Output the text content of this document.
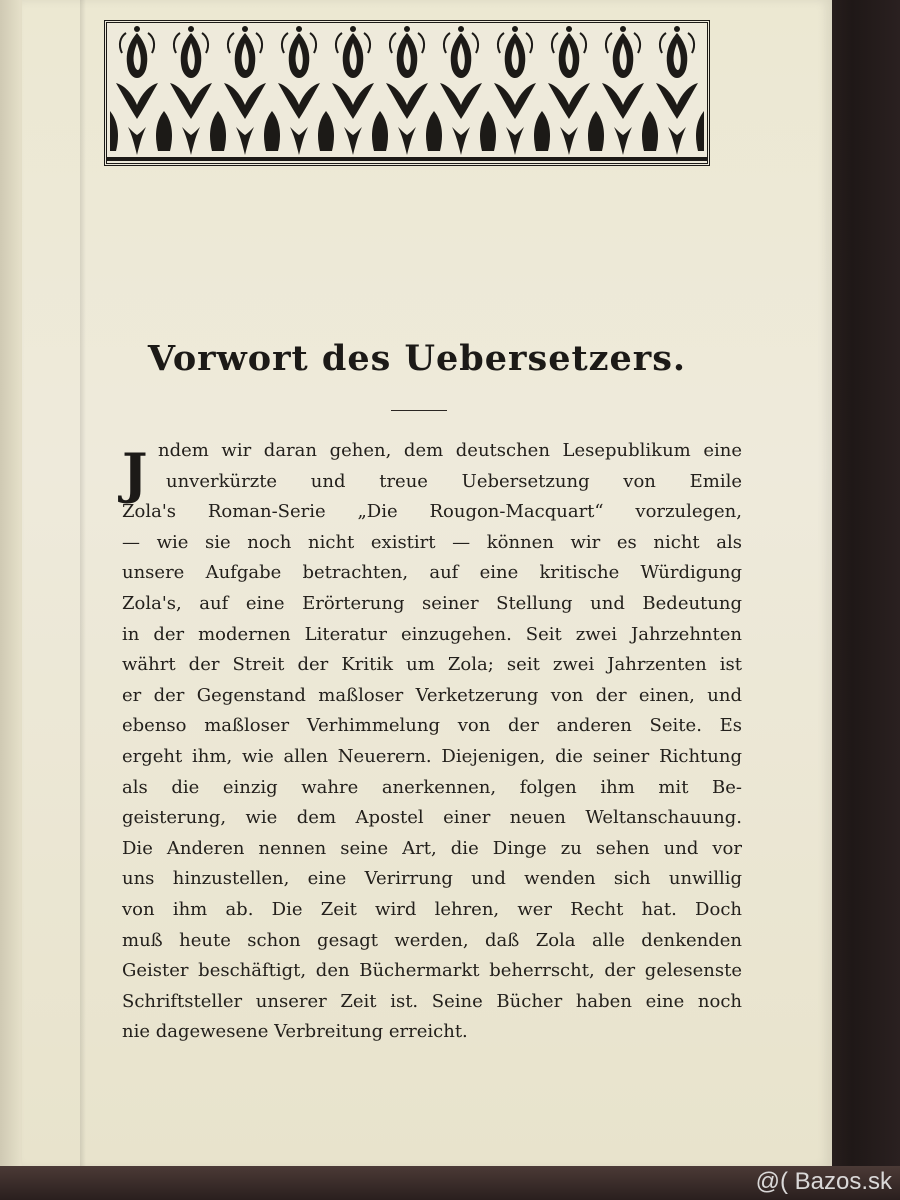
Vorwort des Uebersetzers.
J ndem wir daran gehen, dem deutschen Lesepublikum eine
unverkürzte und treue Uebersetzung von Emile
Zola's Roman-Serie „Die Rougon-Macquart“ vorzulegen,
— wie sie noch nicht existirt — können wir es nicht als
unsere Aufgabe betrachten, auf eine kritische Würdigung
Zola's, auf eine Erörterung seiner Stellung und Bedeutung
in der modernen Literatur einzugehen. Seit zwei Jahrzehnten
währt der Streit der Kritik um Zola; seit zwei Jahrzenten ist
er der Gegenstand maßloser Verketzerung von der einen, und
ebenso maßloser Verhimmelung von der anderen Seite. Es
ergeht ihm, wie allen Neuerern. Diejenigen, die seiner Richtung
als die einzig wahre anerkennen, folgen ihm mit Be-
geisterung, wie dem Apostel einer neuen Weltanschauung.
Die Anderen nennen seine Art, die Dinge zu sehen und vor
uns hinzustellen, eine Verirrung und wenden sich unwillig
von ihm ab. Die Zeit wird lehren, wer Recht hat. Doch
muß heute schon gesagt werden, daß Zola alle denkenden
Geister beschäftigt, den Büchermarkt beherrscht, der gelesenste
Schriftsteller unserer Zeit ist. Seine Bücher haben eine noch
nie dagewesene Verbreitung erreicht.
@( Bazos.sk
